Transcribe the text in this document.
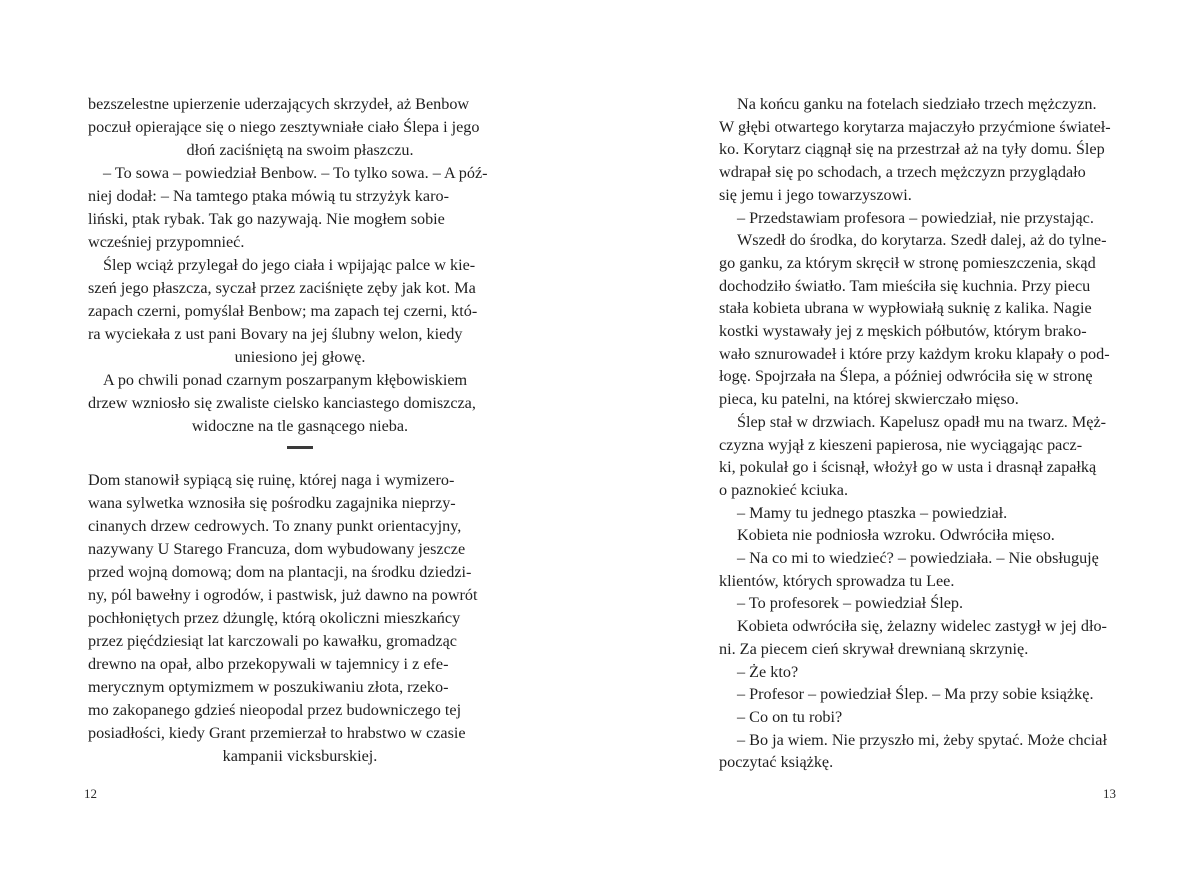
bezszelestne upierzenie uderzających skrzydeł, aż Benbow
poczuł opierające się o niego zesztywniałe ciało Ślepa i jego
dłoń zaciśniętą na swoim płaszczu.
– To sowa – powiedział Benbow. – To tylko sowa. – A póź-
niej dodał: – Na tamtego ptaka mówią tu strzyżyk karo-
liński, ptak rybak. Tak go nazywają. Nie mogłem sobie
wcześniej przypomnieć.
Ślep wciąż przylegał do jego ciała i wpijając palce w kie-
szeń jego płaszcza, syczał przez zaciśnięte zęby jak kot. Ma
zapach czerni, pomyślał Benbow; ma zapach tej czerni, któ-
ra wyciekała z ust pani Bovary na jej ślubny welon, kiedy
uniesiono jej głowę.
A po chwili ponad czarnym poszarpanym kłębowiskiem
drzew wzniosło się zwaliste cielsko kanciastego domiszcza,
widoczne na tle gasnącego nieba.
Dom stanowił sypiącą się ruinę, której naga i wymizero-
wana sylwetka wznosiła się pośrodku zagajnika nieprzy-
cinanych drzew cedrowych. To znany punkt orientacyjny,
nazywany U Starego Francuza, dom wybudowany jeszcze
przed wojną domową; dom na plantacji, na środku dziedzi-
ny, pól bawełny i ogrodów, i pastwisk, już dawno na powrót
pochłoniętych przez dżunglę, którą okoliczni mieszkańcy
przez pięćdziesiąt lat karczowali po kawałku, gromadząc
drewno na opał, albo przekopywali w tajemnicy i z efe-
merycznym optymizmem w poszukiwaniu złota, rzeko-
mo zakopanego gdzieś nieopodal przez budowniczego tej
posiadłości, kiedy Grant przemierzał to hrabstwo w czasie
kampanii vicksburskiej.
12
Na końcu ganku na fotelach siedziało trzech mężczyzn.
W głębi otwartego korytarza majaczyło przyćmione świateł-
ko. Korytarz ciągnął się na przestrzał aż na tyły domu. Ślep
wdrapał się po schodach, a trzech mężczyzn przyglądało
się jemu i jego towarzyszowi.
– Przedstawiam profesora – powiedział, nie przystając.
Wszedł do środka, do korytarza. Szedł dalej, aż do tylne-
go ganku, za którym skręcił w stronę pomieszczenia, skąd
dochodziło światło. Tam mieściła się kuchnia. Przy piecu
stała kobieta ubrana w wypłowiałą suknię z kalika. Nagie
kostki wystawały jej z męskich półbutów, którym brako-
wało sznurowadeł i które przy każdym kroku klapały o pod-
łogę. Spojrzała na Ślepa, a później odwróciła się w stronę
pieca, ku patelni, na której skwierczało mięso.
Ślep stał w drzwiach. Kapelusz opadł mu na twarz. Męż-
czyzna wyjął z kieszeni papierosa, nie wyciągając pacz-
ki, pokulał go i ścisnął, włożył go w usta i drasnął zapałką
o paznokieć kciuka.
– Mamy tu jednego ptaszka – powiedział.
Kobieta nie podniosła wzroku. Odwróciła mięso.
– Na co mi to wiedzieć? – powiedziała. – Nie obsługuję
klientów, których sprowadza tu Lee.
– To profesorek – powiedział Ślep.
Kobieta odwróciła się, żelazny widelec zastygł w jej dło-
ni. Za piecem cień skrywał drewnianą skrzynię.
– Że kto?
– Profesor – powiedział Ślep. – Ma przy sobie książkę.
– Co on tu robi?
– Bo ja wiem. Nie przyszło mi, żeby spytać. Może chciał
poczytać książkę.
13
